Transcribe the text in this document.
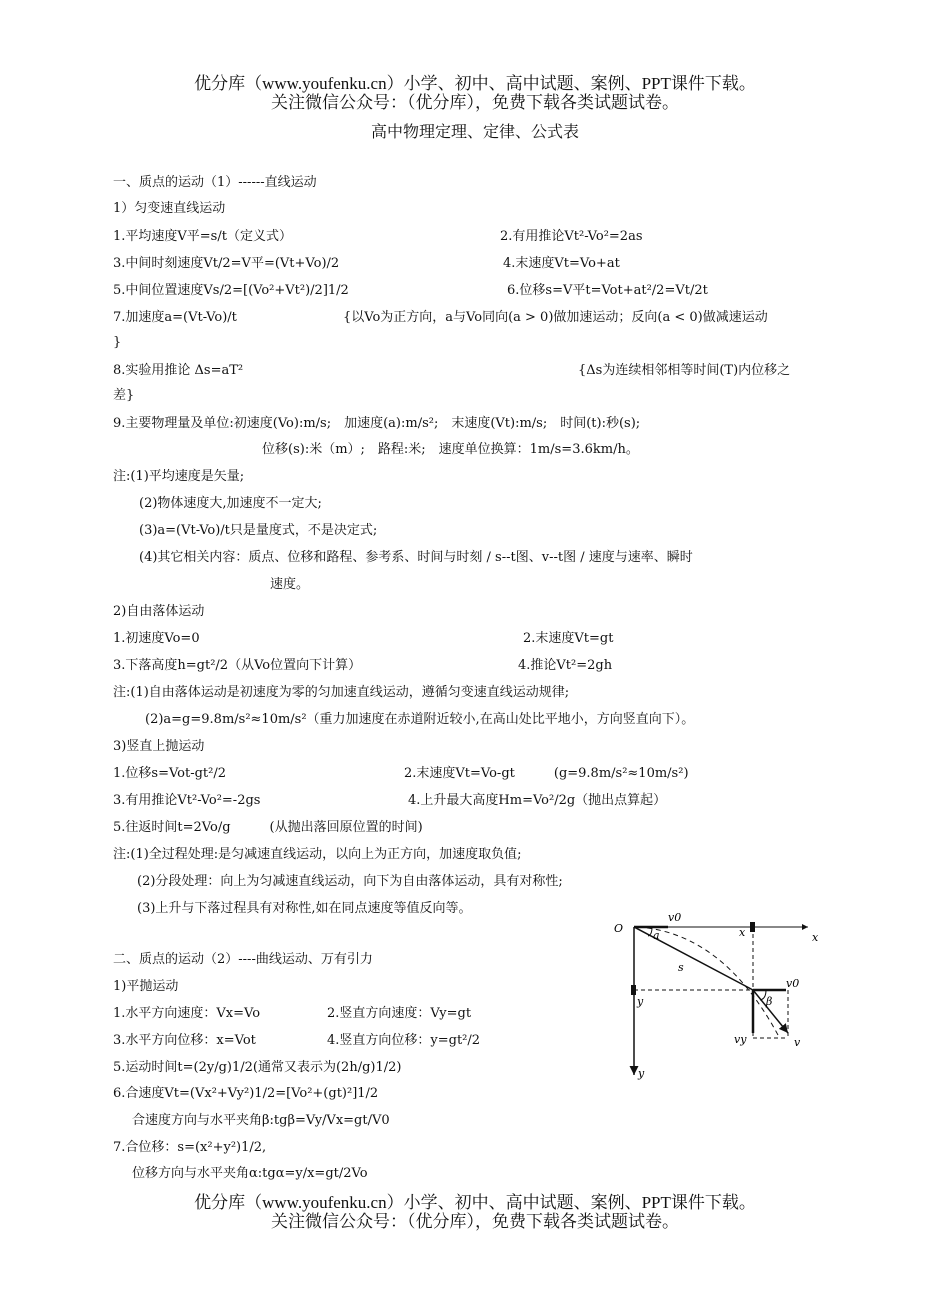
优分库（www.youfenku.cn）小学、初中、高中试题、案例、PPT课件下载。
关注微信公众号：（优分库），免费下载各类试题试卷。
高中物理定理、定律、公式表
一、质点的运动（1）------直线运动
1）匀变速直线运动
1.平均速度V平=s/t（定义式）	2.有用推论Vt²-Vo²=2as
3.中间时刻速度Vt/2=V平=(Vt+Vo)/2	4.末速度Vt=Vo+at
5.中间位置速度Vs/2=[(Vo²+Vt²)/2]1/2	6.位移s=V平t=Vot+at²/2=Vt/2t
7.加速度a=(Vt-Vo)/t	{以Vo为正方向，a与Vo同向(a > 0)做加速运动；反向(a < 0)做减速运动
}
8.实验用推论 Δs=aT²	{Δs为连续相邻相等时间(T)内位移之
差}
9.主要物理量及单位:初速度(Vo):m/s;　加速度(a):m/s²;　末速度(Vt):m/s;　时间(t):秒(s);
位移(s):米（m）;　路程:米;　速度单位换算：1m/s=3.6km/h。
注:(1)平均速度是矢量;
(2)物体速度大,加速度不一定大;
(3)a=(Vt-Vo)/t只是量度式，不是决定式;
(4)其它相关内容：质点、位移和路程、参考系、时间与时刻 / s--t图、v--t图 / 速度与速率、瞬时
速度。
2)自由落体运动
1.初速度Vo=0	2.末速度Vt=gt
3.下落高度h=gt²/2（从Vo位置向下计算）	4.推论Vt²=2gh
注:(1)自由落体运动是初速度为零的匀加速直线运动，遵循匀变速直线运动规律;
(2)a=g=9.8m/s²≈10m/s²（重力加速度在赤道附近较小,在高山处比平地小，方向竖直向下）。
3)竖直上抛运动
1.位移s=Vot-gt²/2	2.末速度Vt=Vo-gt　　　(g=9.8m/s²≈10m/s²)
3.有用推论Vt²-Vo²=-2gs	4.上升最大高度Hm=Vo²/2g（抛出点算起）
5.往返时间t=2Vo/g　　　(从抛出落回原位置的时间)
注:(1)全过程处理:是匀减速直线运动，以向上为正方向，加速度取负值;
(2)分段处理：向上为匀减速直线运动，向下为自由落体运动，具有对称性;
(3)上升与下落过程具有对称性,如在同点速度等值反向等。
二、质点的运动（2）----曲线运动、万有引力
1)平抛运动
1.水平方向速度：Vx=Vo	2.竖直方向速度：Vy=gt
3.水平方向位移：x=Vot	4.竖直方向位移：y=gt²/2
5.运动时间t=(2y/g)1/2(通常又表示为(2h/g)1/2)
6.合速度Vt=(Vx²+Vy²)1/2=[Vo²+(gt)²]1/2
合速度方向与水平夹角β:tgβ=Vy/Vx=gt/V0
7.合位移：s=(x²+y²)1/2,
位移方向与水平夹角α:tgα=y/x=gt/2Vo
O
v0
a	x	x
s
y	β
v0
vy	v
y
优分库（www.youfenku.cn）小学、初中、高中试题、案例、PPT课件下载。
关注微信公众号：（优分库），免费下载各类试题试卷。
